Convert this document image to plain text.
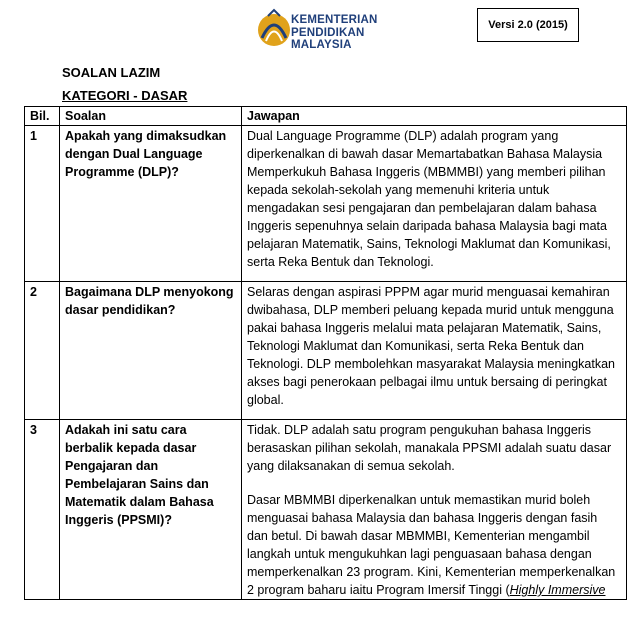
KEMENTERIAN
PENDIDIKAN
MALAYSIA
Versi 2.0 (2015)
SOALAN LAZIM
KATEGORI - DASAR
Bil.	Soalan	Jawapan
1	Apakah yang dimaksudkan dengan Dual Language Programme (DLP)?	Dual Language Programme (DLP) adalah program yang diperkenalkan di bawah dasar Memartabatkan Bahasa Malaysia Memperkukuh Bahasa Inggeris (MBMMBI) yang memberi pilihan kepada sekolah-sekolah yang memenuhi kriteria untuk mengadakan sesi pengajaran dan pembelajaran dalam bahasa Inggeris sepenuhnya selain daripada bahasa Malaysia bagi mata pelajaran Matematik, Sains, Teknologi Maklumat dan Komunikasi, serta Reka Bentuk dan Teknologi.

2	Bagaimana DLP menyokong dasar pendidikan?	Selaras dengan aspirasi PPPM agar murid menguasai kemahiran dwibahasa, DLP memberi peluang kepada murid untuk mengguna pakai bahasa Inggeris melalui mata pelajaran Matematik, Sains, Teknologi Maklumat dan Komunikasi, serta Reka Bentuk dan Teknologi. DLP membolehkan masyarakat Malaysia meningkatkan akses bagi penerokaan pelbagai ilmu untuk bersaing di peringkat global.

3	Adakah ini satu cara berbalik kepada dasar Pengajaran dan Pembelajaran Sains dan Matematik dalam Bahasa Inggeris (PPSMI)?	Tidak. DLP adalah satu program pengukuhan bahasa Inggeris berasaskan pilihan sekolah, manakala PPSMI adalah suatu dasar yang dilaksanakan di semua sekolah.
Dasar MBMMBI diperkenalkan untuk memastikan murid boleh menguasai bahasa Malaysia dan bahasa Inggeris dengan fasih dan betul. Di bawah dasar MBMMBI, Kementerian mengambil langkah untuk mengukuhkan lagi penguasaan bahasa dengan memperkenalkan 23 program. Kini, Kementerian memperkenalkan 2 program baharu iaitu Program Imersif Tinggi (Highly Immersive
